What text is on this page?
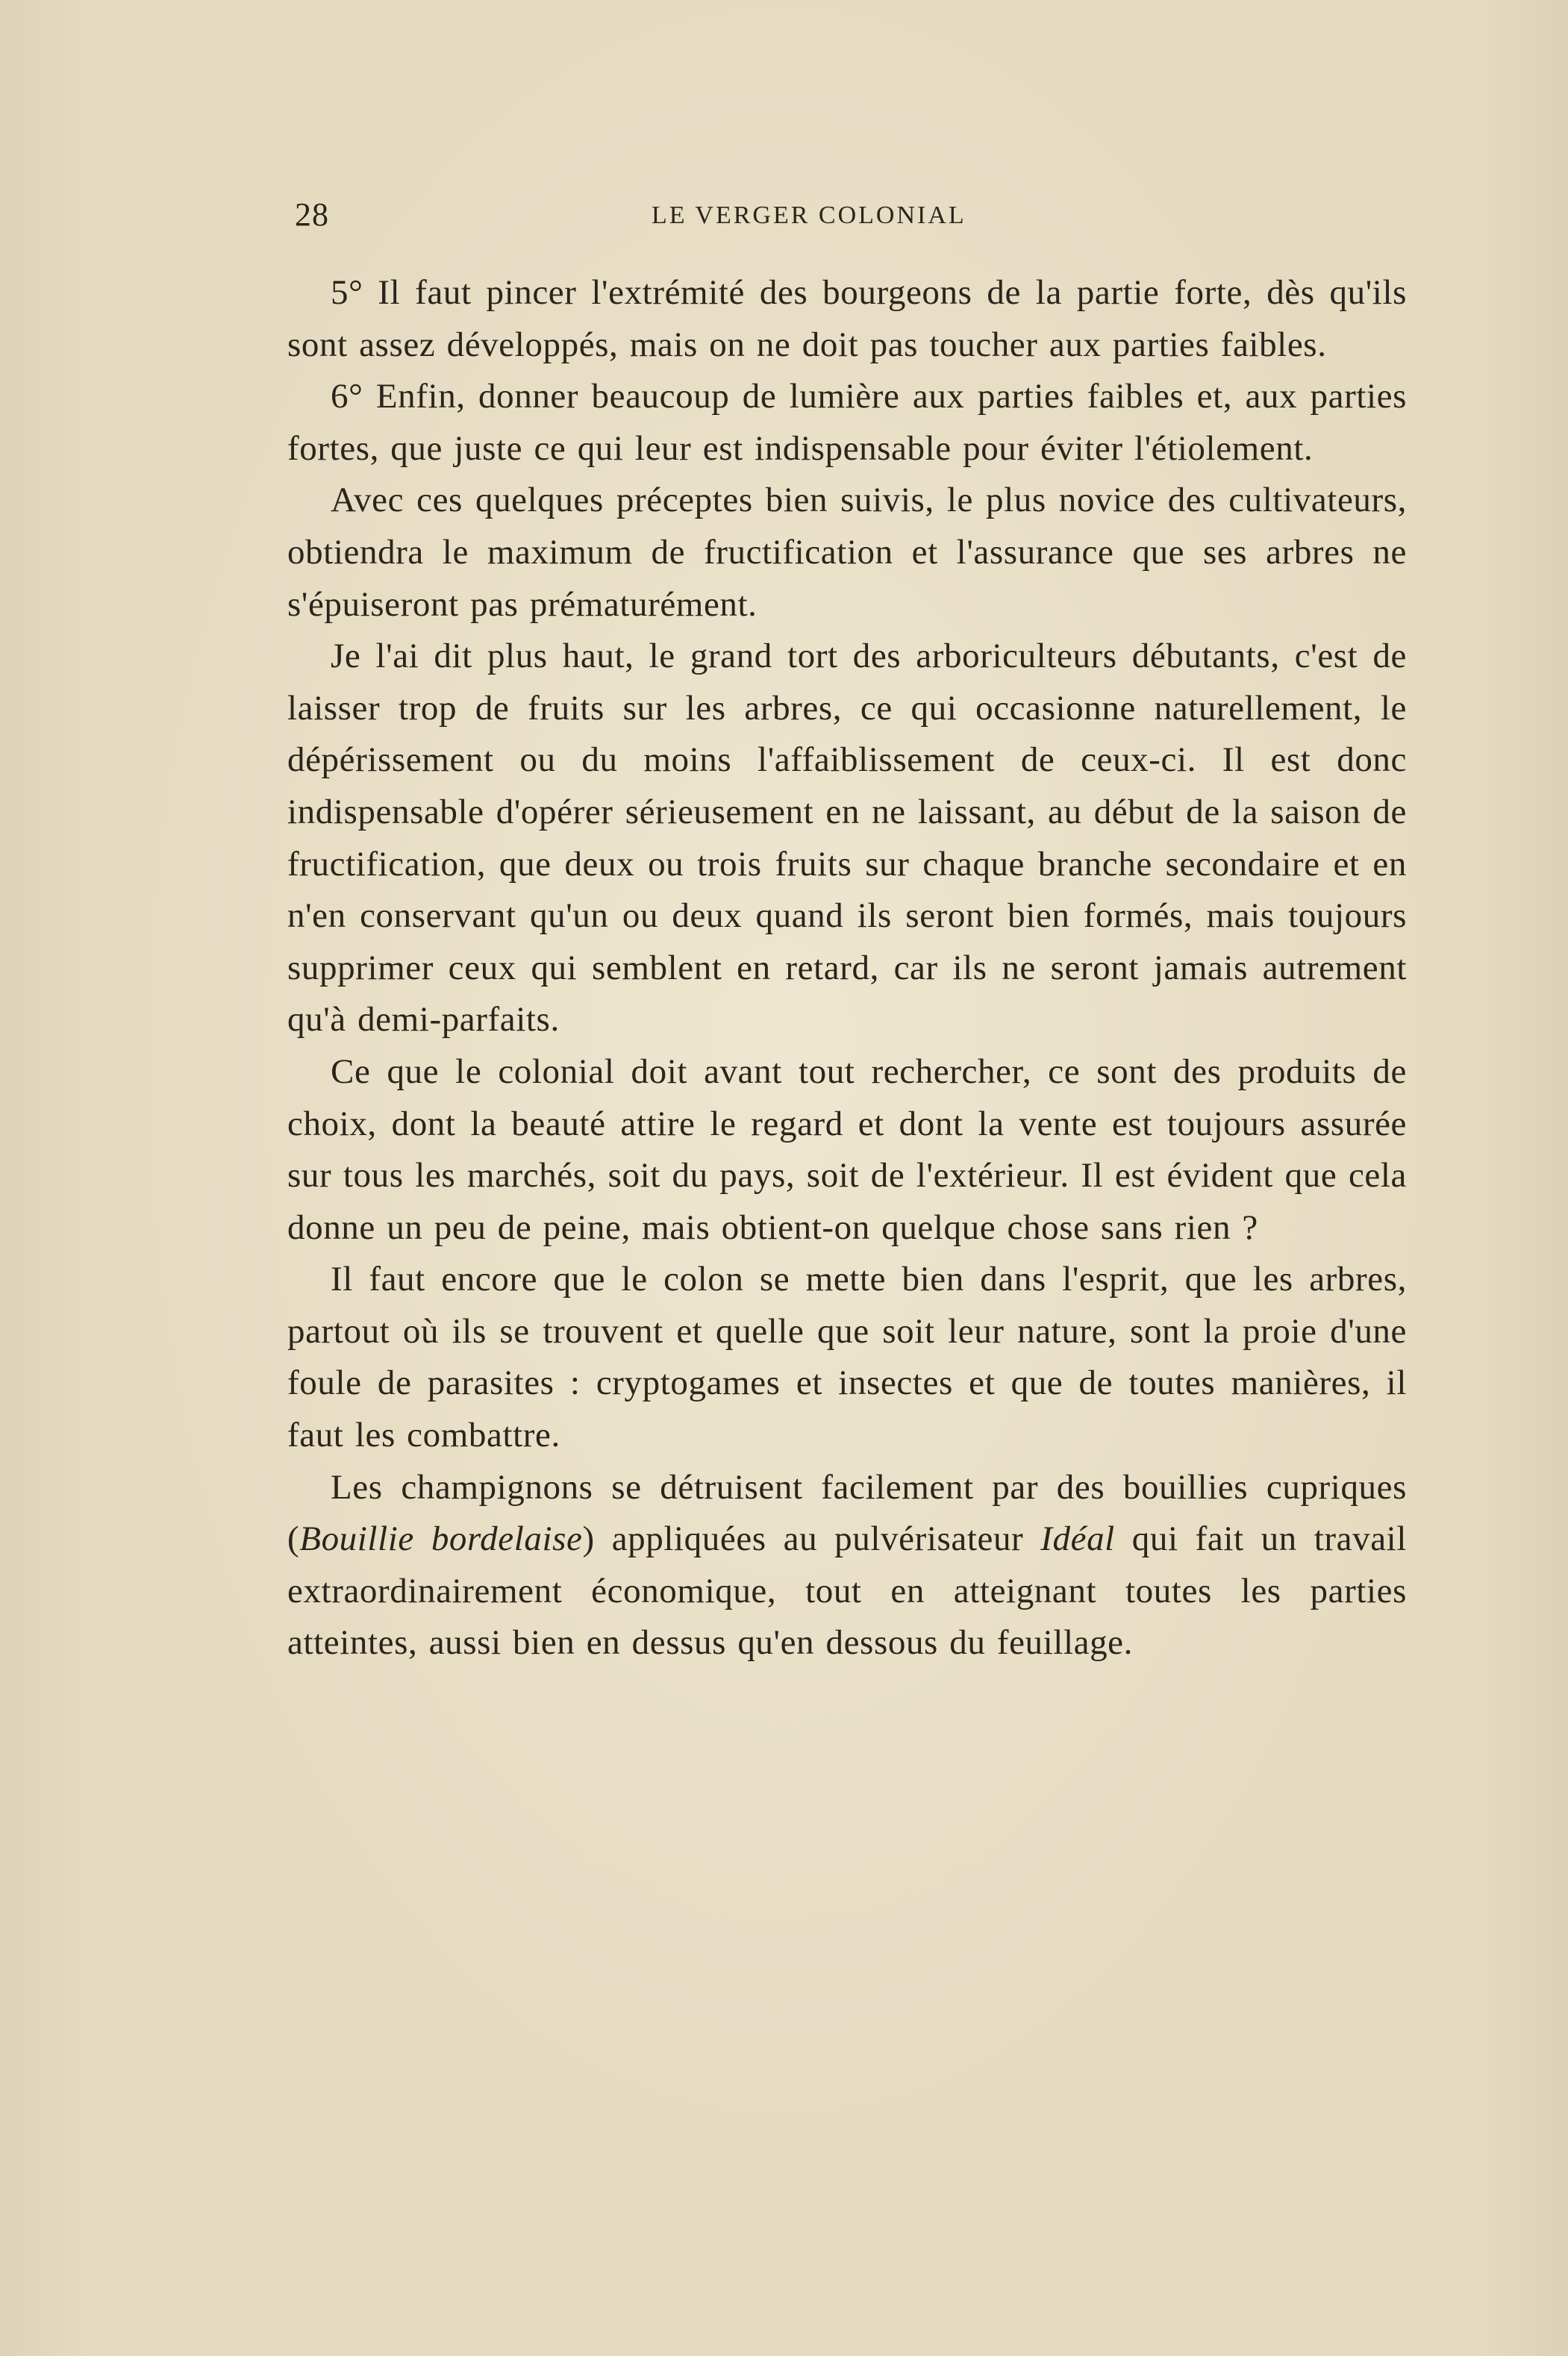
28	LE VERGER COLONIAL

5° Il faut pincer l'extrémité des bourgeons de la partie forte, dès qu'ils sont assez développés, mais on ne doit pas toucher aux parties faibles.

6° Enfin, donner beaucoup de lumière aux parties faibles et, aux parties fortes, que juste ce qui leur est indispensable pour éviter l'étiolement.

Avec ces quelques préceptes bien suivis, le plus novice des cultivateurs, obtiendra le maximum de fructification et l'assurance que ses arbres ne s'épuiseront pas prématurément.

Je l'ai dit plus haut, le grand tort des arboriculteurs débutants, c'est de laisser trop de fruits sur les arbres, ce qui occasionne naturellement, le dépérissement ou du moins l'affaiblissement de ceux-ci. Il est donc indispensable d'opérer sérieusement en ne laissant, au début de la saison de fructification, que deux ou trois fruits sur chaque branche secondaire et en n'en conservant qu'un ou deux quand ils seront bien formés, mais toujours supprimer ceux qui semblent en retard, car ils ne seront jamais autrement qu'à demi-parfaits.

Ce que le colonial doit avant tout rechercher, ce sont des produits de choix, dont la beauté attire le regard et dont la vente est toujours assurée sur tous les marchés, soit du pays, soit de l'extérieur. Il est évident que cela donne un peu de peine, mais obtient-on quelque chose sans rien ?

Il faut encore que le colon se mette bien dans l'esprit, que les arbres, partout où ils se trouvent et quelle que soit leur nature, sont la proie d'une foule de parasites : cryptogames et insectes et que de toutes manières, il faut les combattre.

Les champignons se détruisent facilement par des bouillies cupriques (Bouillie bordelaise) appliquées au pulvérisateur Idéal qui fait un travail extraordinairement économique, tout en atteignant toutes les parties atteintes, aussi bien en dessus qu'en dessous du feuillage.
